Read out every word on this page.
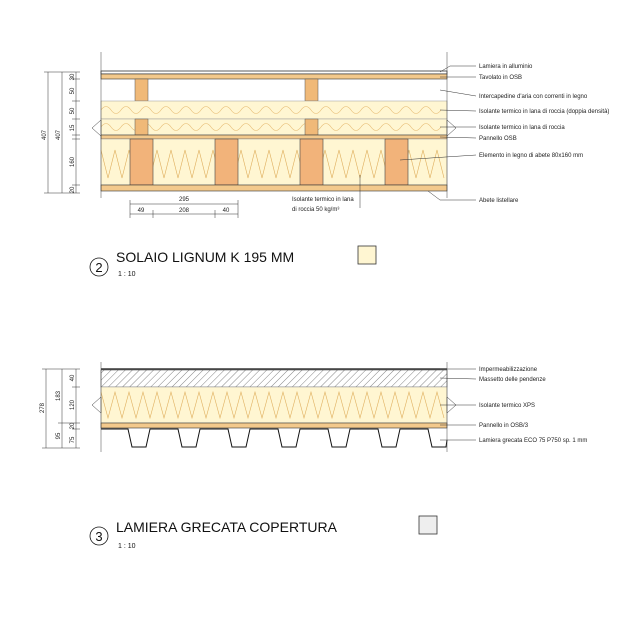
407 407
30
50
50
15
160
20
295
49	208	40
Lamiera in alluminio
Tavolato in OSB
Intercapedine d'aria con correnti in legno
Isolante termico in lana di roccia (doppia densità)
Isolante termico in lana di roccia
Pannello OSB
Elemento in legno di abete 80x160 mm
Abete listellare
Isolante termico in lana
di roccia 50 kg/m³
2
SOLAIO LIGNUM K 195 MM
1 : 10
278
183
95
40
120
20
75
Impermeabilizzazione
Massetto delle pendenze
Isolante termico XPS
Pannello in OSB/3
Lamiera grecata ECO 75 P750 sp. 1 mm
3
LAMIERA GRECATA COPERTURA
1 : 10
